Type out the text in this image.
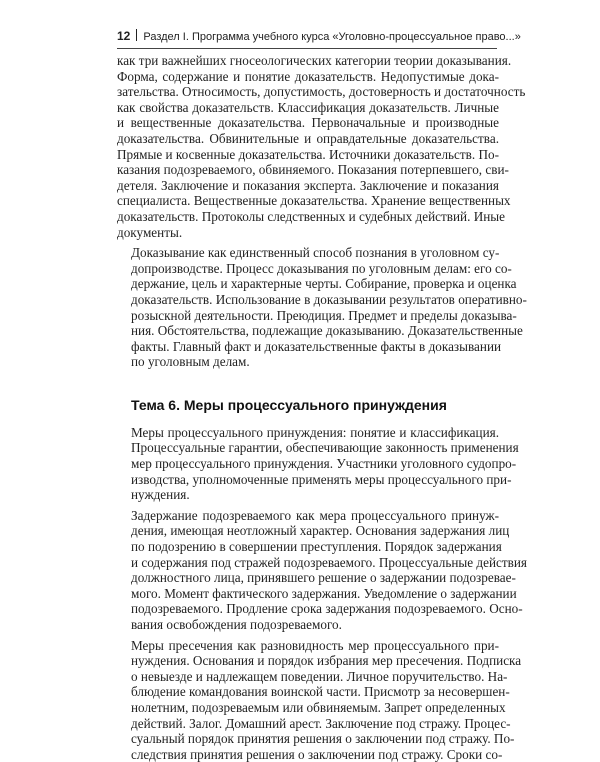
12 Раздел I. Программа учебного курса «Уголовно-процессуальное право...»

как три важнейших гносеологических категории теории доказывания.
Форма, содержание и понятие доказательств. Недопустимые дока-
зательства. Относимость, допустимость, достоверность и достаточность
как свойства доказательств. Классификация доказательств. Личные
и вещественные доказательства. Первоначальные и производные
доказательства. Обвинительные и оправдательные доказательства.
Прямые и косвенные доказательства. Источники доказательств. По-
казания подозреваемого, обвиняемого. Показания потерпевшего, сви-
детеля. Заключение и показания эксперта. Заключение и показания
специалиста. Вещественные доказательства. Хранение вещественных
доказательств. Протоколы следственных и судебных действий. Иные
документы.

Доказывание как единственный способ познания в уголовном су-
допроизводстве. Процесс доказывания по уголовным делам: его со-
держание, цель и характерные черты. Собирание, проверка и оценка
доказательств. Использование в доказывании результатов оперативно-
розыскной деятельности. Преюдиция. Предмет и пределы доказыва-
ния. Обстоятельства, подлежащие доказыванию. Доказательственные
факты. Главный факт и доказательственные факты в доказывании
по уголовным делам.

Тема 6. Меры процессуального принуждения

Меры процессуального принуждения: понятие и классификация.
Процессуальные гарантии, обеспечивающие законность применения
мер процессуального принуждения. Участники уголовного судопро-
изводства, уполномоченные применять меры процессуального при-
нуждения.

Задержание подозреваемого как мера процессуального принуж-
дения, имеющая неотложный характер. Основания задержания лиц
по подозрению в совершении преступления. Порядок задержания
и содержания под стражей подозреваемого. Процессуальные действия
должностного лица, принявшего решение о задержании подозревае-
мого. Момент фактического задержания. Уведомление о задержании
подозреваемого. Продление срока задержания подозреваемого. Осно-
вания освобождения подозреваемого.

Меры пресечения как разновидность мер процессуального при-
нуждения. Основания и порядок избрания мер пресечения. Подписка
о невыезде и надлежащем поведении. Личное поручительство. На-
блюдение командования воинской части. Присмотр за несовершен-
нолетним, подозреваемым или обвиняемым. Запрет определенных
действий. Залог. Домашний арест. Заключение под стражу. Процес-
суальный порядок принятия решения о заключении под стражу. По-
следствия принятия решения о заключении под стражу. Сроки со-
